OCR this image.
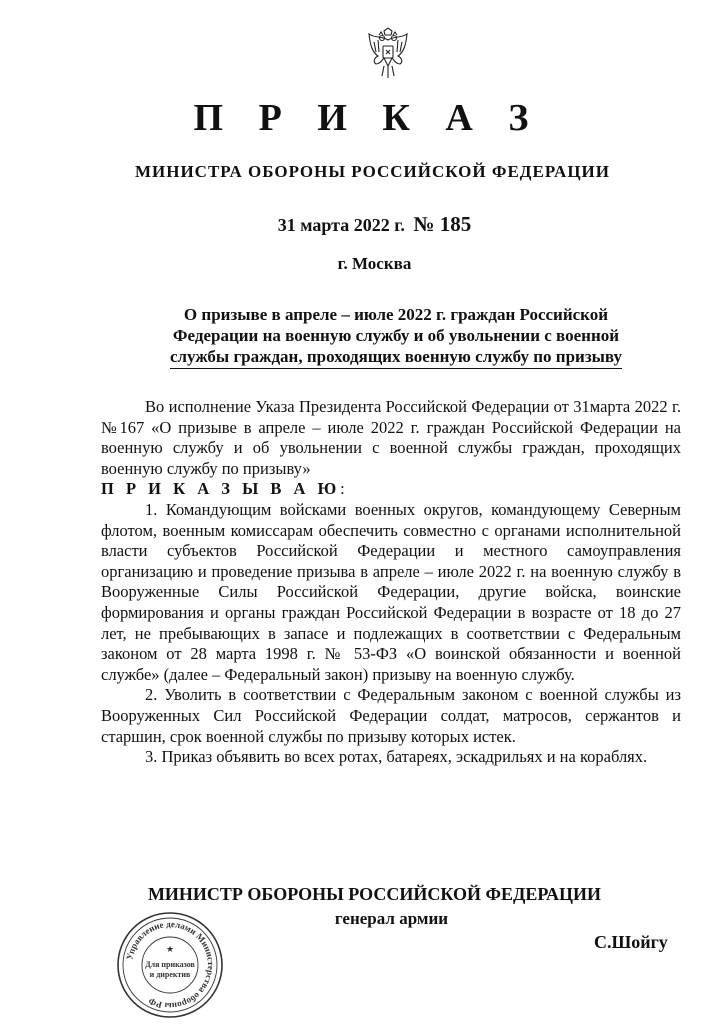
П Р И К А З
МИНИСТРА ОБОРОНЫ РОССИЙСКОЙ ФЕДЕРАЦИИ
31 марта 2022 г. № 185
г. Москва
О призыве в апреле – июле 2022 г. граждан Российской
Федерации на военную службу и об увольнении с военной
службы граждан, проходящих военную службу по призыву

Во исполнение Указа Президента Российской Федерации от 31марта 2022 г. №167 «О призыве в апреле – июле 2022 г. граждан Российской Федерации на военную службу и об увольнении с военной службы граждан, проходящих военную службу по призыву»

П Р И К А З Ы В А Ю:

1. Командующим войсками военных округов, командующему Северным флотом, военным комиссарам обеспечить совместно с органами исполнительной власти субъектов Российской Федерации и местного самоуправления организацию и проведение призыва в апреле – июле 2022 г. на военную службу в Вооруженные Силы Российской Федерации, другие войска, воинские формирования и органы граждан Российской Федерации в возрасте от 18 до 27 лет, не пребывающих в запасе и подлежащих в соответствии с Федеральным законом от 28 марта 1998 г. № 53-ФЗ «О воинской обязанности и военной службе» (далее – Федеральный закон) призыву на военную службу.

2. Уволить в соответствии с Федеральным законом с военной службы из Вооруженных Сил Российской Федерации солдат, матросов, сержантов и старшин, срок военной службы по призыву которых истек.

3. Приказ объявить во всех ротах, батареях, эскадрильях и на кораблях.

Управление делами Министерства обороны РФ
★
Для приказов
и директив
МИНИСТР ОБОРОНЫ РОССИЙСКОЙ ФЕДЕРАЦИИ
генерал армии
С.Шойгу
